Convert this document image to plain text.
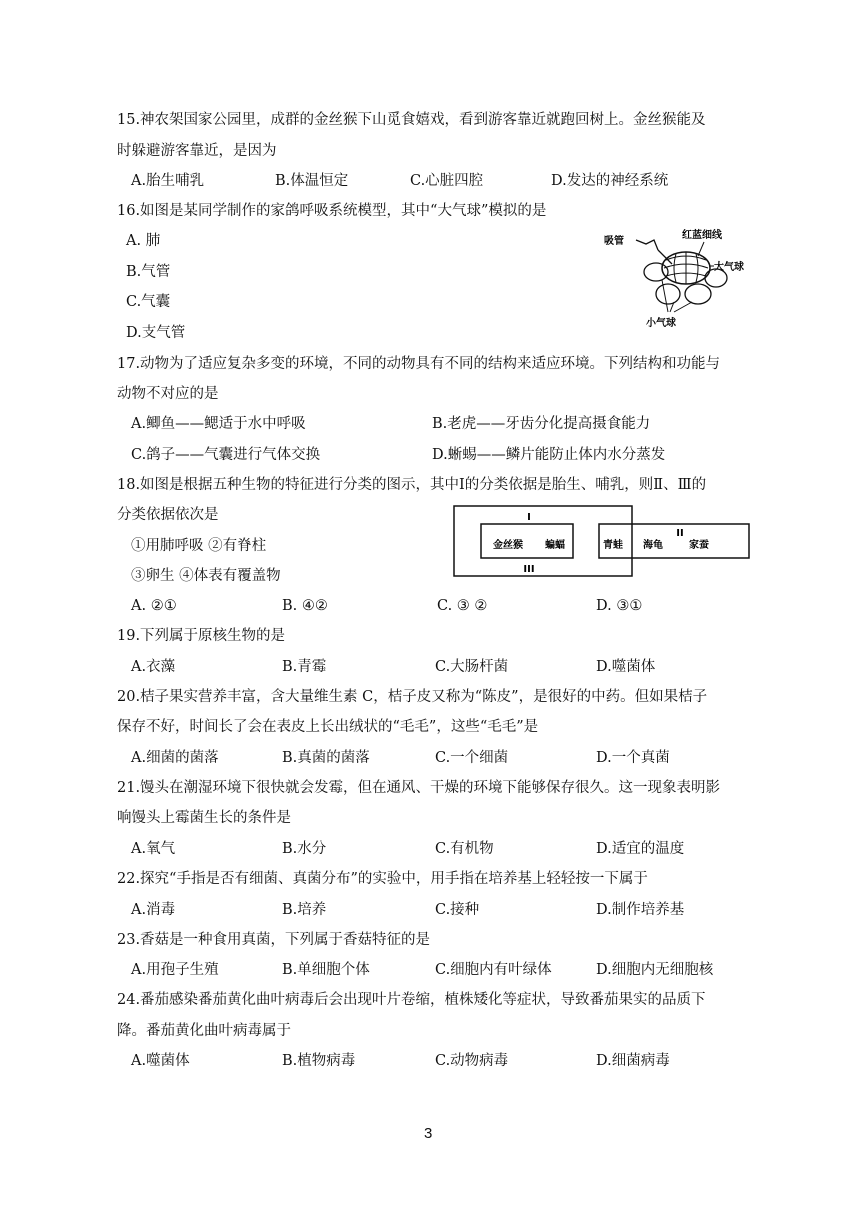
15.神农架国家公园里，成群的金丝猴下山觅食嬉戏，看到游客靠近就跑回树上。金丝猴能及
时躲避游客靠近，是因为
A.胎生哺乳	B.体温恒定	C.心脏四腔	D.发达的神经系统
16.如图是某同学制作的家鸽呼吸系统模型，其中“大气球”模拟的是
A. 肺
B.气管
C.气囊
D.支气管
吸管
红蓝细线
大气球
小气球
17.动物为了适应复杂多变的环境，不同的动物具有不同的结构来适应环境。下列结构和功能与
动物不对应的是
A.鲫鱼——鳃适于水中呼吸	B.老虎——牙齿分化提高摄食能力
C.鸽子——气囊进行气体交换	D.蜥蜴——鳞片能防止体内水分蒸发
18.如图是根据五种生物的特征进行分类的图示，其中Ⅰ的分类依据是胎生、哺乳，则Ⅱ、Ⅲ的
分类依据依次是
①用肺呼吸 ②有脊柱
③卵生 ④体表有覆盖物
A. ②①	B. ④②	C. ③ ②	D. ③①
I
II
III
金丝猴 蝙蝠	青蛙 海龟	家蚕
19.下列属于原核生物的是
A.衣藻	B.青霉	C.大肠杆菌	D.噬菌体
20.桔子果实营养丰富，含大量维生素 C，桔子皮又称为“陈皮”，是很好的中药。但如果桔子
保存不好，时间长了会在表皮上长出绒状的“毛毛”，这些“毛毛”是
A.细菌的菌落	B.真菌的菌落	C.一个细菌	D.一个真菌
21.馒头在潮湿环境下很快就会发霉，但在通风、干燥的环境下能够保存很久。这一现象表明影
响馒头上霉菌生长的条件是
A.氧气	B.水分	C.有机物	D.适宜的温度
22.探究“手指是否有细菌、真菌分布”的实验中，用手指在培养基上轻轻按一下属于
A.消毒	B.培养	C.接种	D.制作培养基
23.香菇是一种食用真菌，下列属于香菇特征的是
A.用孢子生殖	B.单细胞个体	C.细胞内有叶绿体	D.细胞内无细胞核
24.番茄感染番茄黄化曲叶病毒后会出现叶片卷缩，植株矮化等症状，导致番茄果实的品质下
降。番茄黄化曲叶病毒属于
A.噬菌体	B.植物病毒	C.动物病毒	D.细菌病毒
3
